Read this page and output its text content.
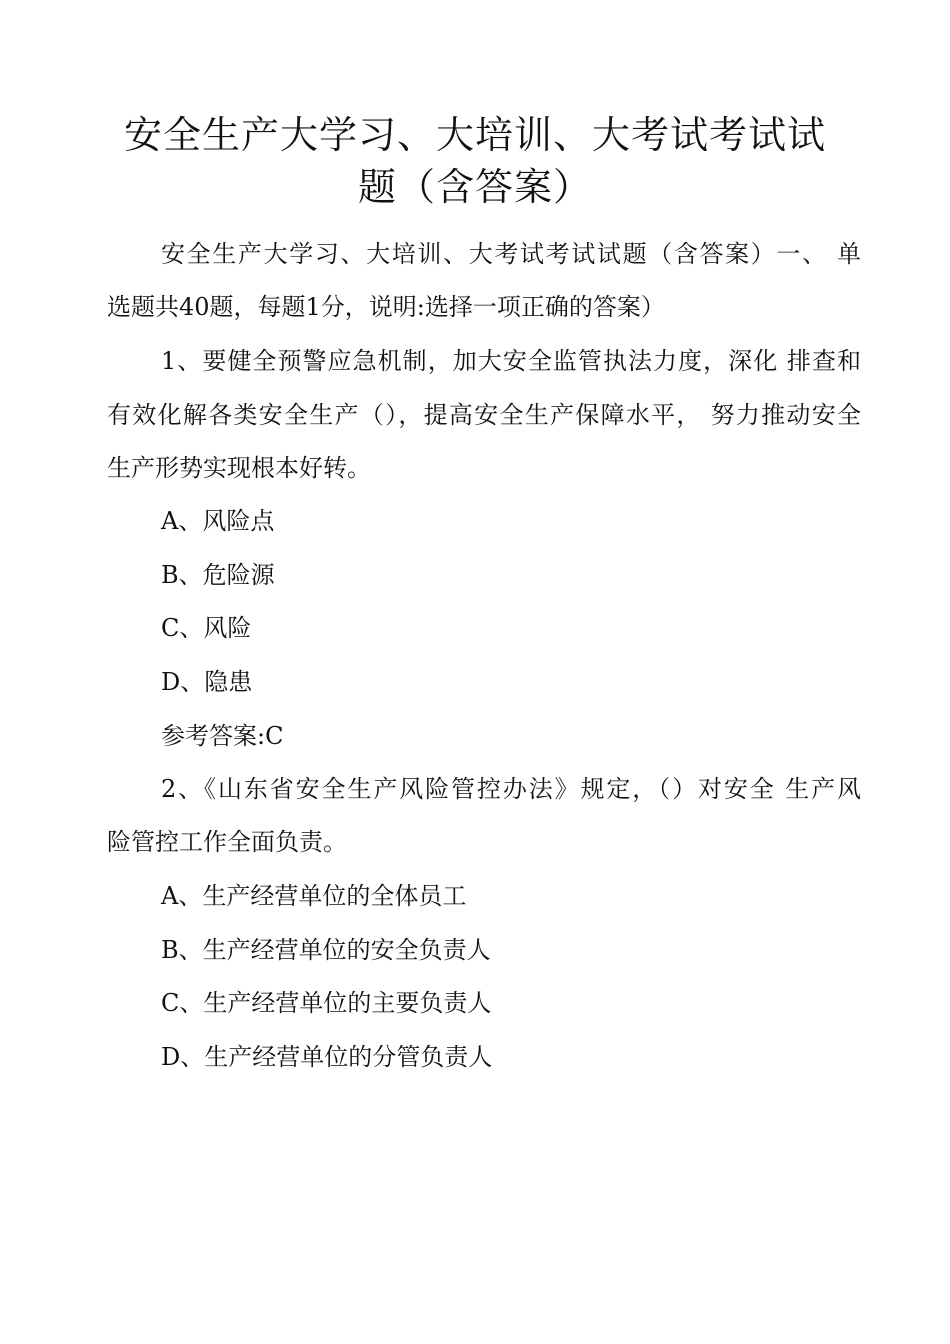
安全生产大学习、大培训、大考试考试试
题（含答案）
安全生产大学习、大培训、大考试考试试题（含答案）一、 单
选题共40题，每题1分，说明:选择一项正确的答案）
1、要健全预警应急机制，加大安全监管执法力度，深化 排查和
有效化解各类安全生产（），提高安全生产保障水平， 努力推动安全
生产形势实现根本好转。
A、风险点
B、危险源
C、风险
D、隐患
参考答案:C
2、《山东省安全生产风险管控办法》规定，（）对安全 生产风
险管控工作全面负责。
A、生产经营单位的全体员工
B、生产经营单位的安全负责人
C、生产经营单位的主要负责人
D、生产经营单位的分管负责人
